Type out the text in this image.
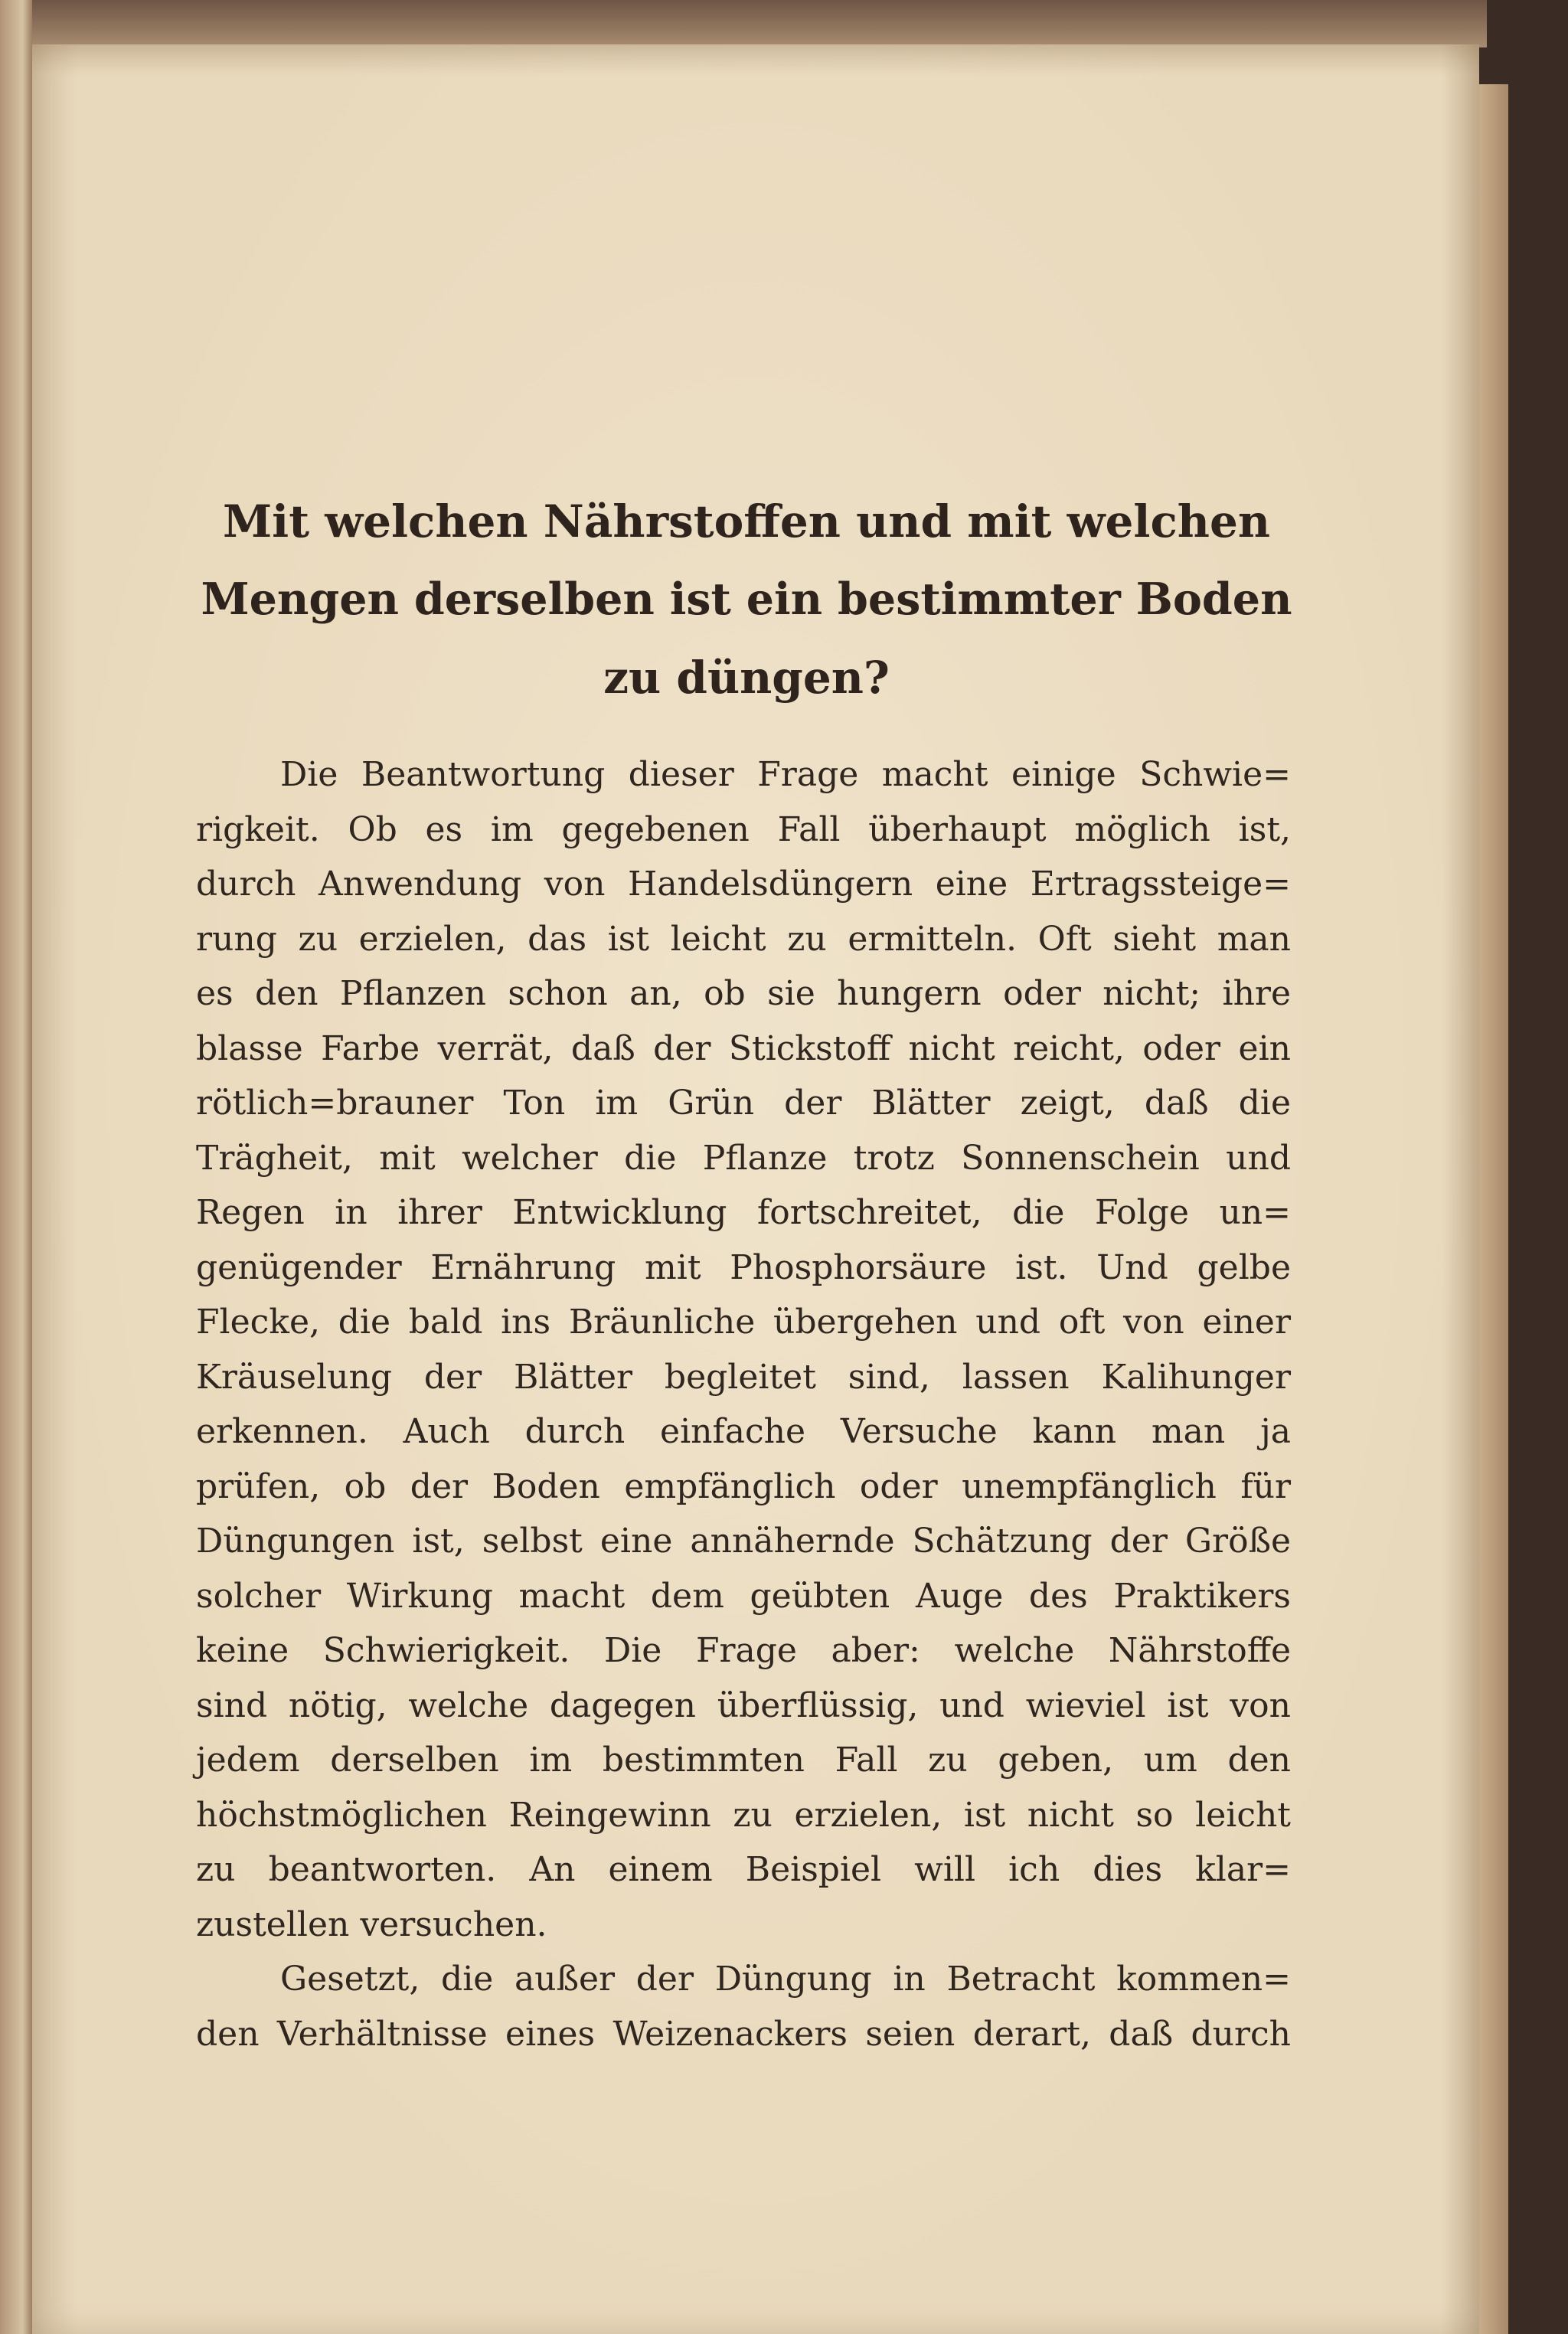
Mit welchen Nährstoffen und mit welchen
Mengen derselben ist ein bestimmter Boden
zu düngen?
Die Beantwortung dieser Frage macht einige Schwie=
rigkeit. Ob es im gegebenen Fall überhaupt möglich ist,
durch Anwendung von Handelsdüngern eine Ertragssteige=
rung zu erzielen, das ist leicht zu ermitteln. Oft sieht man
es den Pflanzen schon an, ob sie hungern oder nicht; ihre
blasse Farbe verrät, daß der Stickstoff nicht reicht, oder ein
rötlich=brauner Ton im Grün der Blätter zeigt, daß die
Trägheit, mit welcher die Pflanze trotz Sonnenschein und
Regen in ihrer Entwicklung fortschreitet, die Folge un=
genügender Ernährung mit Phosphorsäure ist. Und gelbe
Flecke, die bald ins Bräunliche übergehen und oft von einer
Kräuselung der Blätter begleitet sind, lassen Kalihunger
erkennen. Auch durch einfache Versuche kann man ja
prüfen, ob der Boden empfänglich oder unempfänglich für
Düngungen ist, selbst eine annähernde Schätzung der Größe
solcher Wirkung macht dem geübten Auge des Praktikers
keine Schwierigkeit. Die Frage aber: welche Nährstoffe
sind nötig, welche dagegen überflüssig, und wieviel ist von
jedem derselben im bestimmten Fall zu geben, um den
höchstmöglichen Reingewinn zu erzielen, ist nicht so leicht
zu beantworten. An einem Beispiel will ich dies klar=
zustellen versuchen.
Gesetzt, die außer der Düngung in Betracht kommen=
den Verhältnisse eines Weizenackers seien derart, daß durch
